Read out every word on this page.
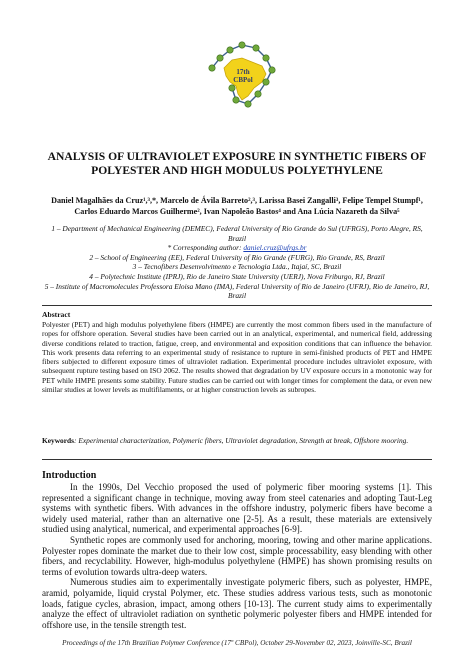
17th
CBPol
ANALYSIS OF ULTRAVIOLET EXPOSURE IN SYNTHETIC FIBERS OF POLYESTER AND HIGH MODULUS POLYETHYLENE
Daniel Magalhães da Cruz¹,³,*, Marcelo de Ávila Barreto²,³, Larissa Basei Zangalli³, Felipe Tempel Stumpf¹,
Carlos Eduardo Marcos Guilherme², Ivan Napoleão Bastos⁴ and Ana Lúcia Nazareth da Silva⁵
1 – Department of Mechanical Engineering (DEMEC), Federal University of Rio Grande do Sul (UFRGS), Porto Alegre, RS, Brazil
* Corresponding author: daniel.cruz@ufrgs.br
2 – School of Engineering (EE), Federal University of Rio Grande (FURG), Rio Grande, RS, Brazil
3 – Tecnofibers Desenvolvimento e Tecnologia Ltda., Itajaí, SC, Brazil
4 – Polytechnic Institute (IPRJ), Rio de Janeiro State University (UERJ), Nova Friburgo, RJ, Brazil
5 – Institute of Macromolecules Professora Eloisa Mano (IMA), Federal University of Rio de Janeiro (UFRJ), Rio de Janeiro, RJ, Brazil
Abstract
Polyester (PET) and high modulus polyethylene fibers (HMPE) are currently the most common fibers used in the manufacture of ropes for offshore operation. Several studies have been carried out in an analytical, experimental, and numerical field, addressing diverse conditions related to traction, fatigue, creep, and environmental and exposition conditions that can influence the behavior. This work presents data referring to an experimental study of resistance to rupture in semi-finished products of PET and HMPE fibers subjected to different exposure times of ultraviolet radiation. Experimental procedure includes ultraviolet exposure, with subsequent rupture testing based on ISO 2062. The results showed that degradation by UV exposure occurs in a monotonic way for PET while HMPE presents some stability. Future studies can be carried out with longer times for complement the data, or even new similar studies at lower levels as multifilaments, or at higher construction levels as subropes.
Keywords: Experimental characterization, Polymeric fibers, Ultraviolet degradation, Strength at break, Offshore mooring.
Introduction

In the 1990s, Del Vecchio proposed the used of polymeric fiber mooring systems [1]. This represented a significant change in technique, moving away from steel catenaries and adopting Taut-Leg systems with synthetic fibers. With advances in the offshore industry, polymeric fibers have become a widely used material, rather than an alternative one [2-5]. As a result, these materials are extensively studied using analytical, numerical, and experimental approaches [6-9].

Synthetic ropes are commonly used for anchoring, mooring, towing and other marine applications. Polyester ropes dominate the market due to their low cost, simple processability, easy blending with other fibers, and recyclability. However, high-modulus polyethylene (HMPE) has shown promising results on terms of evolution towards ultra-deep waters.

Numerous studies aim to experimentally investigate polymeric fibers, such as polyester, HMPE, aramid, polyamide, liquid crystal Polymer, etc. These studies address various tests, such as monotonic loads, fatigue cycles, abrasion, impact, among others [10-13]. The current study aims to experimentally analyze the effect of ultraviolet radiation on synthetic polymeric polyester fibers and HMPE intended for offshore use, in the tensile strength test.

Proceedings of the 17th Brazilian Polymer Conference (17º CBPol), October 29-November 02, 2023, Joinville-SC, Brazil
